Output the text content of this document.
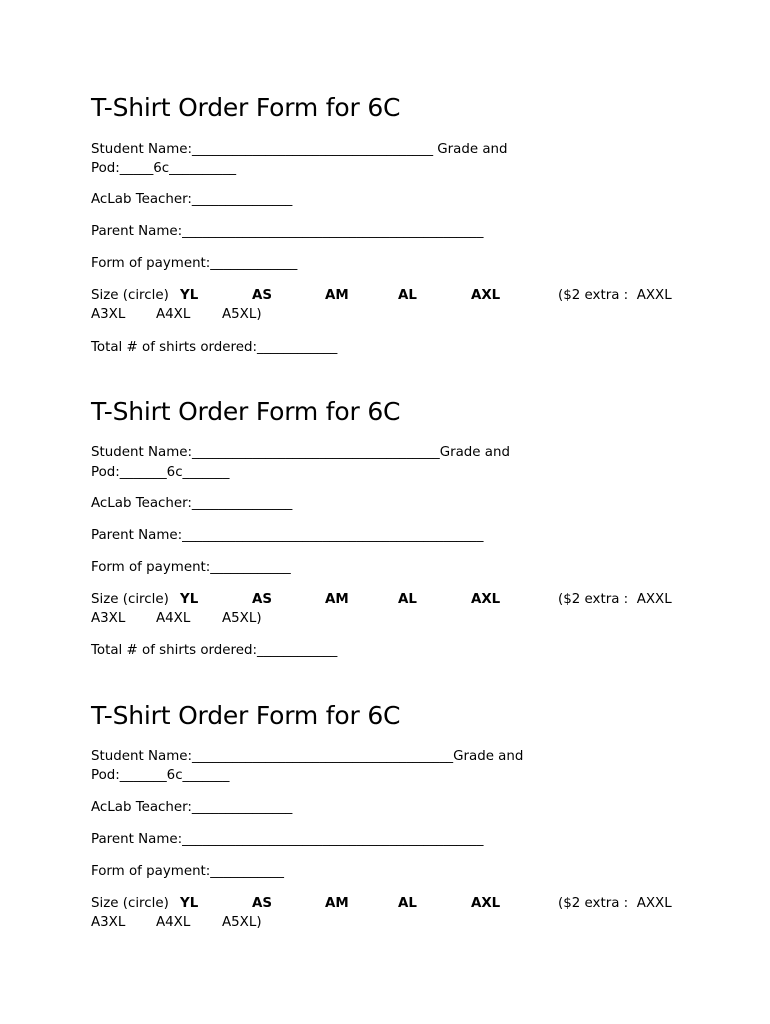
T-Shirt Order Form for 6C
Student Name:____________________________________ Grade and
Pod:_____6c__________
AcLab Teacher:_______________
Parent Name:_____________________________________________
Form of payment:_____________
Size (circle) YL	AS	AM	AL	AXL	($2 extra :  AXXL
A3XL A4XL A5XL)
Total # of shirts ordered:____________
T-Shirt Order Form for 6C
Student Name:_____________________________________Grade and
Pod:_______6c_______
AcLab Teacher:_______________
Parent Name:_____________________________________________
Form of payment:____________
Size (circle) YL	AS	AM	AL	AXL	($2 extra :  AXXL
A3XL A4XL A5XL)
Total # of shirts ordered:____________
T-Shirt Order Form for 6C
Student Name:_______________________________________Grade and
Pod:_______6c_______
AcLab Teacher:_______________
Parent Name:_____________________________________________
Form of payment:___________
Size (circle) YL	AS	AM	AL	AXL	($2 extra :  AXXL
A3XL A4XL A5XL)
